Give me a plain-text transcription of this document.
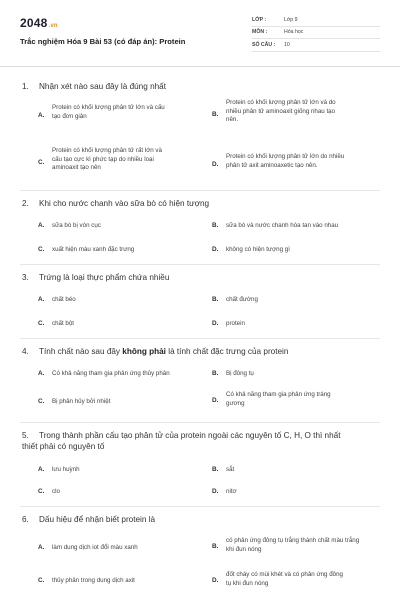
2048.vn
Trắc nghiệm Hóa 9 Bài 53 (có đáp án): Protein
LỚP :	Lớp 9
MÔN :	Hóa học
SỐ CÂU :	10
1. Nhận xét nào sau đây là đúng nhất
A.
Protein có khối lượng phân tử lớn và cấu
tạo đơn giản	B.
Protein có khối lượng phân tử lớn và do
nhiều phân tử aminoaxit giống nhau tạo
nên.
C.
Protein có khối lượng phân tử rất lớn và
cấu tạo cực kì phức tạp do nhiều loại
aminoaxit tạo nên	D.
Protein có khối lượng phân tử lớn do nhiều
phân tử axit aminoaxetic tạo nên.
2. Khi cho nước chanh vào sữa bò có hiện tượng
A. sữa bò bị vón cục	B. sữa bò và nước chanh hòa tan vào nhau
C. xuất hiện màu xanh đặc trưng	D. không có hiện tượng gì
3. Trứng là loại thực phẩm chứa nhiều
A. chất béo	B. chất đường
C. chất bột	D. protein
4. Tính chất nào sau đây không phải là tính chất đặc trưng của protein
A. Có khả năng tham gia phản ứng thủy phân	B. Bị đông tụ
C. Bị phân hủy bởi nhiệt	D.
Có khả năng tham gia phản ứng tráng
gương
5. Trong thành phần cấu tạo phân tử của protein ngoài các nguyên tố C, H, O thì nhất
thiết phải có nguyên tố
A. lưu huỳnh	B. sắt
C. clo	D. nitơ
6. Dấu hiệu để nhận biết protein là
A. làm dung dịch iot đổi màu xanh	B.
có phản ứng đông tụ trắng thành chất màu trắng
khi đun nóng
C. thủy phân trong dung dịch axit	D.
đốt cháy có mùi khét và có phản ứng đông
tụ khi đun nóng
